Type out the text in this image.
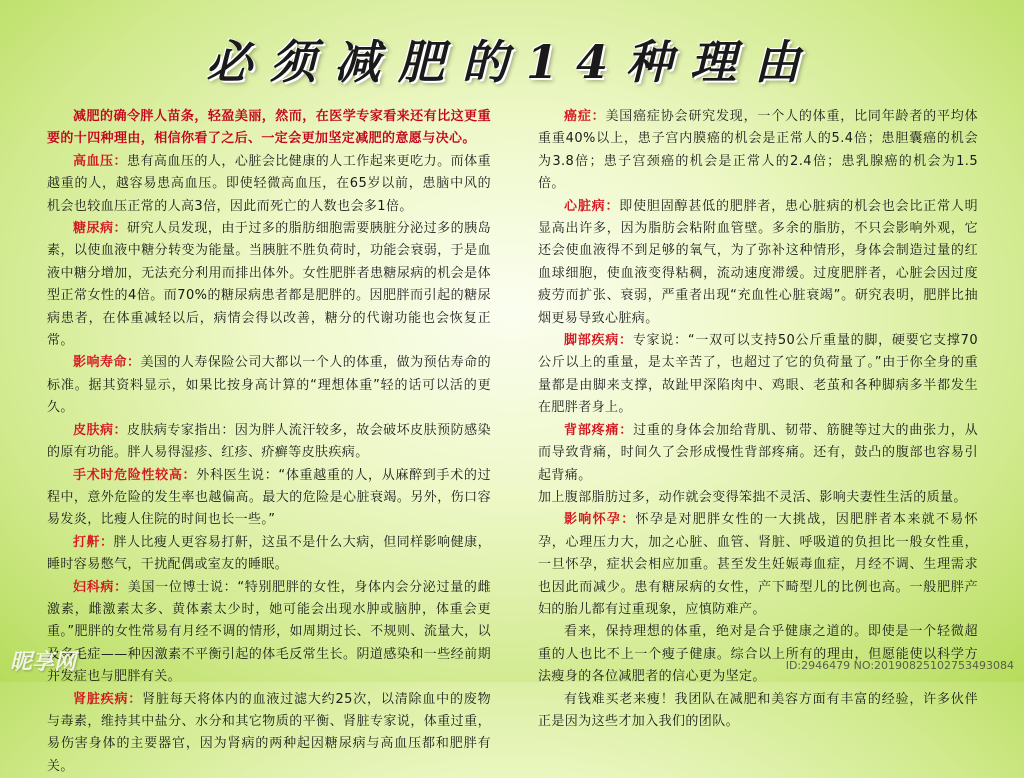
必须减肥的14种理由

减肥的确令胖人苗条，轻盈美丽，然而，在医学专家看来还有比这更重要的十四种理由，相信你看了之后、一定会更加坚定减肥的意愿与决心。

高血压：患有高血压的人，心脏会比健康的人工作起来更吃力。而体重越重的人，越容易患高血压。即使轻微高血压，在65岁以前，患脑中风的机会也较血压正常的人高3倍，因此而死亡的人数也会多1倍。

糖尿病：研究人员发现，由于过多的脂肪细胞需要胰脏分泌过多的胰岛素，以使血液中糖分转变为能量。当胰脏不胜负荷时，功能会衰弱，于是血液中糖分增加，无法充分利用而排出体外。女性肥胖者患糖尿病的机会是体型正常女性的4倍。而70%的糖尿病患者都是肥胖的。因肥胖而引起的糖尿病患者，在体重减轻以后，病情会得以改善，糖分的代谢功能也会恢复正常。

影响寿命：美国的人寿保险公司大都以一个人的体重，做为预估寿命的标准。据其资料显示，如果比按身高计算的“理想体重”轻的话可以活的更久。

皮肤病：皮肤病专家指出：因为胖人流汗较多，故会破坏皮肤预防感染的原有功能。胖人易得湿疹、红疹、疥癣等皮肤疾病。

手术时危险性较高：外科医生说：“体重越重的人，从麻醉到手术的过程中，意外危险的发生率也越偏高。最大的危险是心脏衰竭。另外，伤口容易发炎，比瘦人住院的时间也长一些。”

打鼾：胖人比瘦人更容易打鼾，这虽不是什么大病，但同样影响健康，睡时容易憋气，干扰配偶或室友的睡眠。

妇科病：美国一位博士说：“特别肥胖的女性，身体内会分泌过量的雌激素，雌激素太多、黄体素太少时，她可能会出现水肿或脑肿，体重会更重。”肥胖的女性常易有月经不调的情形，如周期过长、不规则、流量大，以及多毛症——种因激素不平衡引起的体毛反常生长。阴道感染和一些经前期并发症也与肥胖有关。

肾脏疾病：肾脏每天将体内的血液过滤大约25次，以清除血中的废物与毒素，维持其中盐分、水分和其它物质的平衡、肾脏专家说，体重过重，易伤害身体的主要器官，因为肾病的两种起因糖尿病与高血压都和肥胖有关。

癌症：美国癌症协会研究发现，一个人的体重，比同年龄者的平均体重重40%以上，患子宫内膜癌的机会是正常人的5.4倍；患胆囊癌的机会为3.8倍；患子宫颈癌的机会是正常人的2.4倍；患乳腺癌的机会为1.5倍。

心脏病：即使胆固醇甚低的肥胖者，患心脏病的机会也会比正常人明显高出许多，因为脂肪会粘附血管壁。多余的脂肪，不只会影响外观，它还会使血液得不到足够的氧气，为了弥补这种情形，身体会制造过量的红血球细胞，使血液变得粘稠，流动速度滞缓。过度肥胖者，心脏会因过度疲劳而扩张、衰弱，严重者出现“充血性心脏衰竭”。研究表明，肥胖比抽烟更易导致心脏病。

脚部疾病：专家说：“一双可以支持50公斤重量的脚，硬要它支撑70公斤以上的重量，是太辛苦了，也超过了它的负荷量了。”由于你全身的重量都是由脚来支撑，故趾甲深陷肉中、鸡眼、老茧和各种脚病多半都发生在肥胖者身上。

背部疼痛：过重的身体会加给背肌、韧带、筋腱等过大的曲张力，从而导致背痛，时间久了会形成慢性背部疼痛。还有，鼓凸的腹部也容易引起背痛。

加上腹部脂肪过多，动作就会变得笨拙不灵活、影响夫妻性生活的质量。

影响怀孕：怀孕是对肥胖女性的一大挑战，因肥胖者本来就不易怀孕，心理压力大，加之心脏、血管、肾脏、呼吸道的负担比一般女性重，一旦怀孕，症状会相应加重。甚至发生妊娠毒血症，月经不调、生理需求也因此而减少。患有糖尿病的女性，产下畸型儿的比例也高。一般肥胖产妇的胎儿都有过重现象，应慎防难产。

看来，保持理想的体重，绝对是合乎健康之道的。即使是一个轻微超重的人也比不上一个瘦子健康。综合以上所有的理由，但愿能使以科学方法瘦身的各位减肥者的信心更为坚定。

有钱难买老来瘦！我团队在减肥和美容方面有丰富的经验，许多伙伴正是因为这些才加入我们的团队。

昵享网	ID:2946479 NO:20190825102753493084
